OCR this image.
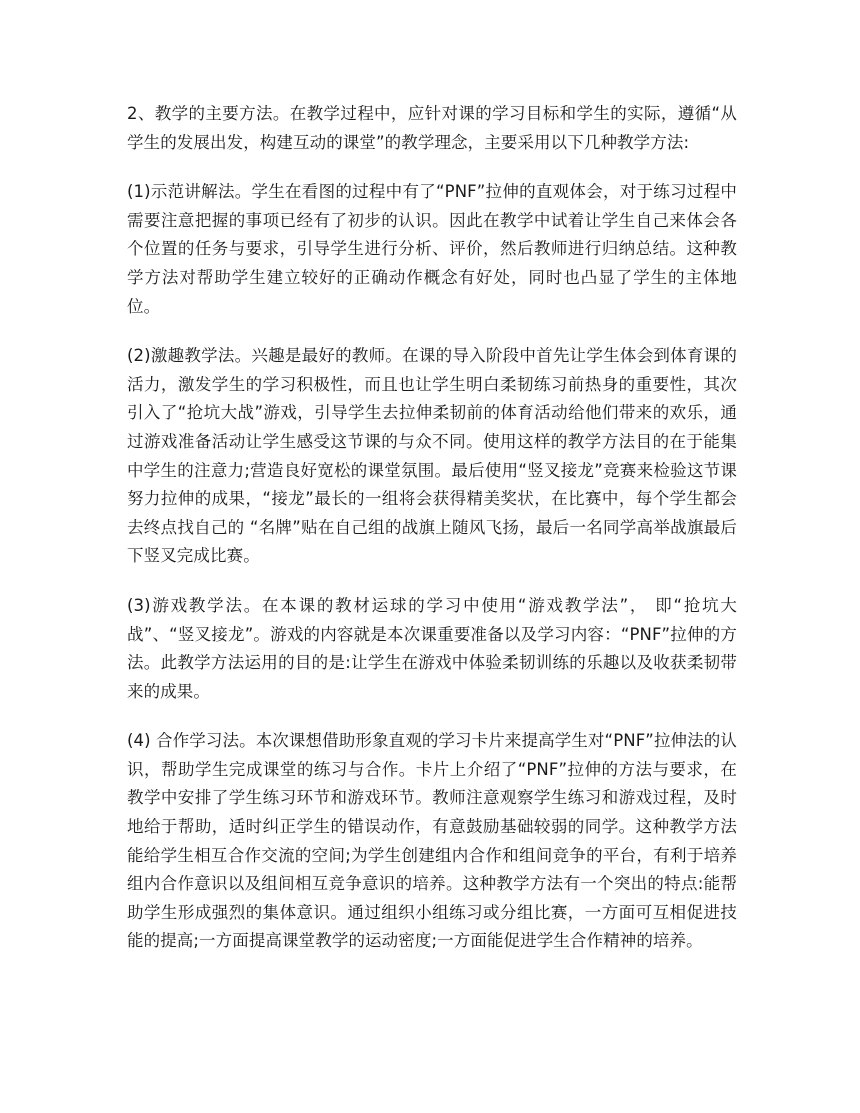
2、教学的主要方法。在教学过程中，应针对课的学习目标和学生的实际，遵循“从学生的发展出发，构建互动的课堂”的教学理念，主要采用以下几种教学方法:

(1)示范讲解法。学生在看图的过程中有了“PNF”拉伸的直观体会，对于练习过程中需要注意把握的事项已经有了初步的认识。因此在教学中试着让学生自己来体会各个位置的任务与要求，引导学生进行分析、评价，然后教师进行归纳总结。这种教学方法对帮助学生建立较好的正确动作概念有好处，同时也凸显了学生的主体地位。

(2)激趣教学法。兴趣是最好的教师。在课的导入阶段中首先让学生体会到体育课的活力，激发学生的学习积极性，而且也让学生明白柔韧练习前热身的重要性，其次引入了“抢坑大战”游戏，引导学生去拉伸柔韧前的体育活动给他们带来的欢乐，通过游戏准备活动让学生感受这节课的与众不同。使用这样的教学方法目的在于能集中学生的注意力;营造良好宽松的课堂氛围。最后使用“竖叉接龙”竞赛来检验这节课努力拉伸的成果，“接龙”最长的一组将会获得精美奖状，在比赛中，每个学生都会去终点找自己的 “名牌”贴在自己组的战旗上随风飞扬，最后一名同学高举战旗最后下竖叉完成比赛。

(3)游戏教学法。在本课的教材运球的学习中使用“游戏教学法”， 即“抢坑大战”、“竖叉接龙”。游戏的内容就是本次课重要准备以及学习内容：“PNF”拉伸的方法。此教学方法运用的目的是:让学生在游戏中体验柔韧训练的乐趣以及收获柔韧带来的成果。

(4) 合作学习法。本次课想借助形象直观的学习卡片来提高学生对“PNF”拉伸法的认识，帮助学生完成课堂的练习与合作。卡片上介绍了“PNF”拉伸的方法与要求，在教学中安排了学生练习环节和游戏环节。教师注意观察学生练习和游戏过程，及时地给于帮助，适时纠正学生的错误动作，有意鼓励基础较弱的同学。这种教学方法能给学生相互合作交流的空间;为学生创建组内合作和组间竞争的平台，有利于培养组内合作意识以及组间相互竞争意识的培养。这种教学方法有一个突出的特点:能帮助学生形成强烈的集体意识。通过组织小组练习或分组比赛，一方面可互相促进技能的提高;一方面提高课堂教学的运动密度;一方面能促进学生合作精神的培养。
